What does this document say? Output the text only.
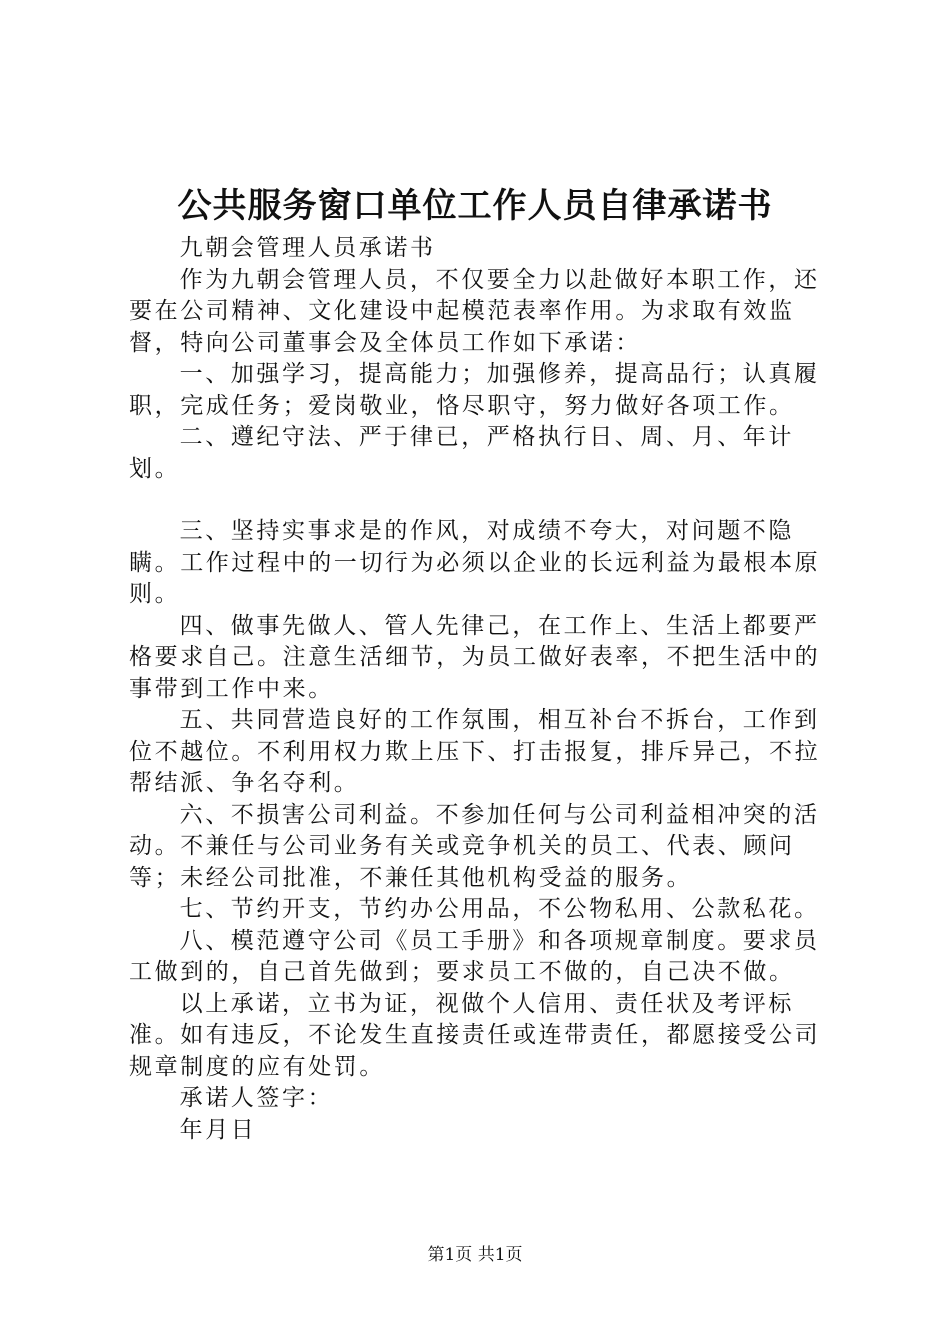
公共服务窗口单位工作人员自律承诺书

九朝会管理人员承诺书

作为九朝会管理人员，不仅要全力以赴做好本职工作，还要在公司精神、文化建设中起模范表率作用。为求取有效监督，特向公司董事会及全体员工作如下承诺：

一、加强学习，提高能力；加强修养，提高品行；认真履职，完成任务；爱岗敬业，恪尽职守，努力做好各项工作。

二、遵纪守法、严于律已，严格执行日、周、月、年计划。

三、坚持实事求是的作风，对成绩不夸大，对问题不隐瞒。工作过程中的一切行为必须以企业的长远利益为最根本原则。

四、做事先做人、管人先律己，在工作上、生活上都要严格要求自己。注意生活细节，为员工做好表率，不把生活中的事带到工作中来。

五、共同营造良好的工作氛围，相互补台不拆台，工作到位不越位。不利用权力欺上压下、打击报复，排斥异己，不拉帮结派、争名夺利。

六、不损害公司利益。不参加任何与公司利益相冲突的活动。不兼任与公司业务有关或竞争机关的员工、代表、顾问等；未经公司批准，不兼任其他机构受益的服务。

七、节约开支，节约办公用品，不公物私用、公款私花。

八、模范遵守公司《员工手册》和各项规章制度。要求员工做到的，自己首先做到；要求员工不做的，自己决不做。

以上承诺，立书为证，视做个人信用、责任状及考评标准。如有违反，不论发生直接责任或连带责任，都愿接受公司规章制度的应有处罚。

承诺人签字：

年月日

第1页 共1页
